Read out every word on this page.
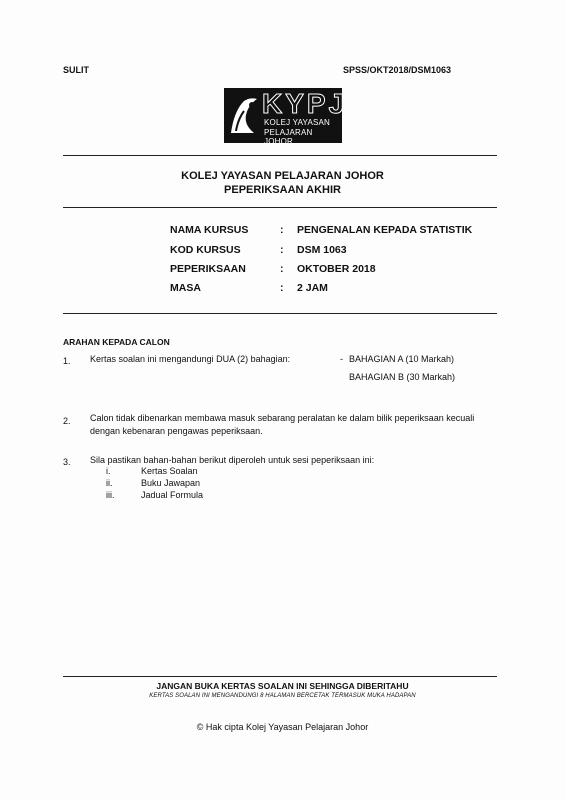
SULIT	SPSS/OKT2018/DSM1063
KYPJ
KOLEJ YAYASAN
PELAJARAN JOHOR
KOLEJ YAYASAN PELAJARAN JOHOR
PEPERIKSAAN AKHIR
NAMA KURSUS	: PENGENALAN KEPADA STATISTIK
KOD KURSUS	: DSM 1063
PEPERIKSAAN	: OKTOBER 2018
MASA	: 2 JAM
ARAHAN KEPADA CALON
1. Kertas soalan ini mengandungi DUA (2) bahagian:	- BAHAGIAN A (10 Markah)
BAHAGIAN B (30 Markah)
2. Calon tidak dibenarkan membawa masuk sebarang peralatan ke dalam bilik peperiksaan kecuali
dengan kebenaran pengawas peperiksaan.
3. Sila pastikan bahan-bahan berikut diperoleh untuk sesi peperiksaan ini:
i.	Kertas Soalan
ii.	Buku Jawapan
iii.	Jadual Formula
JANGAN BUKA KERTAS SOALAN INI SEHINGGA DIBERITAHU
KERTAS SOALAN INI MENGANDUNGI 8 HALAMAN BERCETAK TERMASUK MUKA HADAPAN
© Hak cipta Kolej Yayasan Pelajaran Johor
